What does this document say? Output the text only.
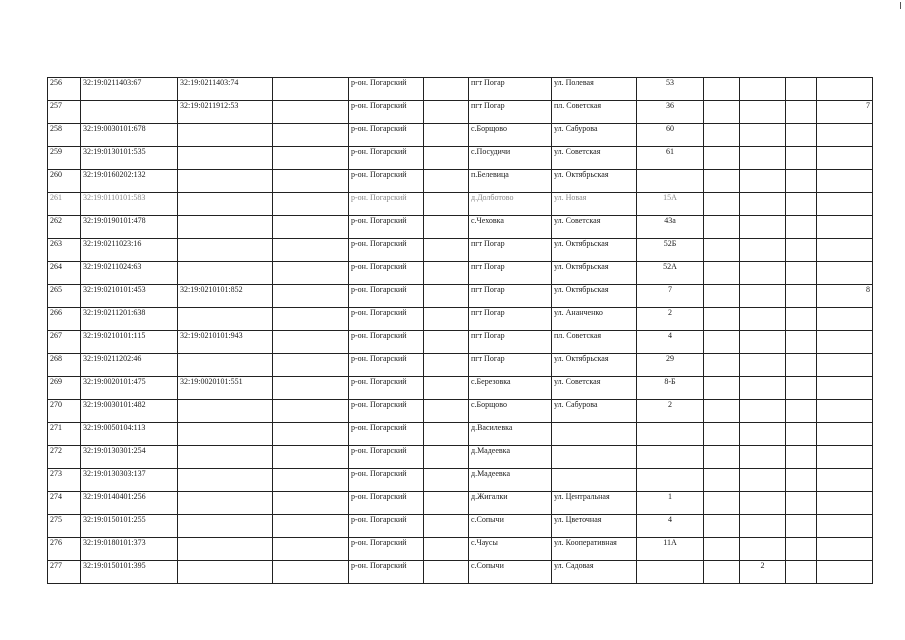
256	32:19:0211403:67	32:19:0211403:74		р-он. Погарский		пгт Погар	ул. Полевая	53				
257		32:19:0211912:53		р-он. Погарский		пгт Погар	пл. Советская	36				7
258	32:19:0030101:678			р-он. Погарский		с.Борщово	ул. Сабурова	60				
259	32:19:0130101:535			р-он. Погарский		с.Посудичи	ул. Советская	61				
260	32:19:0160202:132			р-он. Погарский		п.Белевица	ул. Октябрьская					
261	32:19:0110101:583			р-он. Погарский		д.Долботово	ул. Новая	15А				
262	32:19:0190101:478			р-он. Погарский		с.Чеховка	ул. Советская	43а				
263	32:19:0211023:16			р-он. Погарский		пгт Погар	ул. Октябрьская	52Б				
264	32:19:0211024:63			р-он. Погарский		пгт Погар	ул. Октябрьская	52А				
265	32:19:0210101:453	32:19:0210101:852		р-он. Погарский		пгт Погар	ул. Октябрьская	7				8
266	32:19:0211201:638			р-он. Погарский		пгт Погар	ул. Ананченко	2				
267	32:19:0210101:115	32:19:0210101:943		р-он. Погарский		пгт Погар	пл. Советская	4				
268	32:19:0211202:46			р-он. Погарский		пгт Погар	ул. Октябрьская	29				
269	32:19:0020101:475	32:19:0020101:551		р-он. Погарский		с.Березовка	ул. Советская	8-Б				
270	32:19:0030101:482			р-он. Погарский		с.Борщово	ул. Сабурова	2				
271	32:19:0050104:113			р-он. Погарский		д.Василевка						
272	32:19:0130301:254			р-он. Погарский		д.Мадеевка						
273	32:19:0130303:137			р-он. Погарский		д.Мадеевка						
274	32:19:0140401:256			р-он. Погарский		д.Жигалки	ул. Центральная	1				
275	32:19:0150101:255			р-он. Погарский		с.Сопычи	ул. Цветочная	4				
276	32:19:0180101:373			р-он. Погарский		с.Чаусы	ул. Кооперативная	11А				
277	32:19:0150101:395			р-он. Погарский		с.Сопычи	ул. Садовая			2		
